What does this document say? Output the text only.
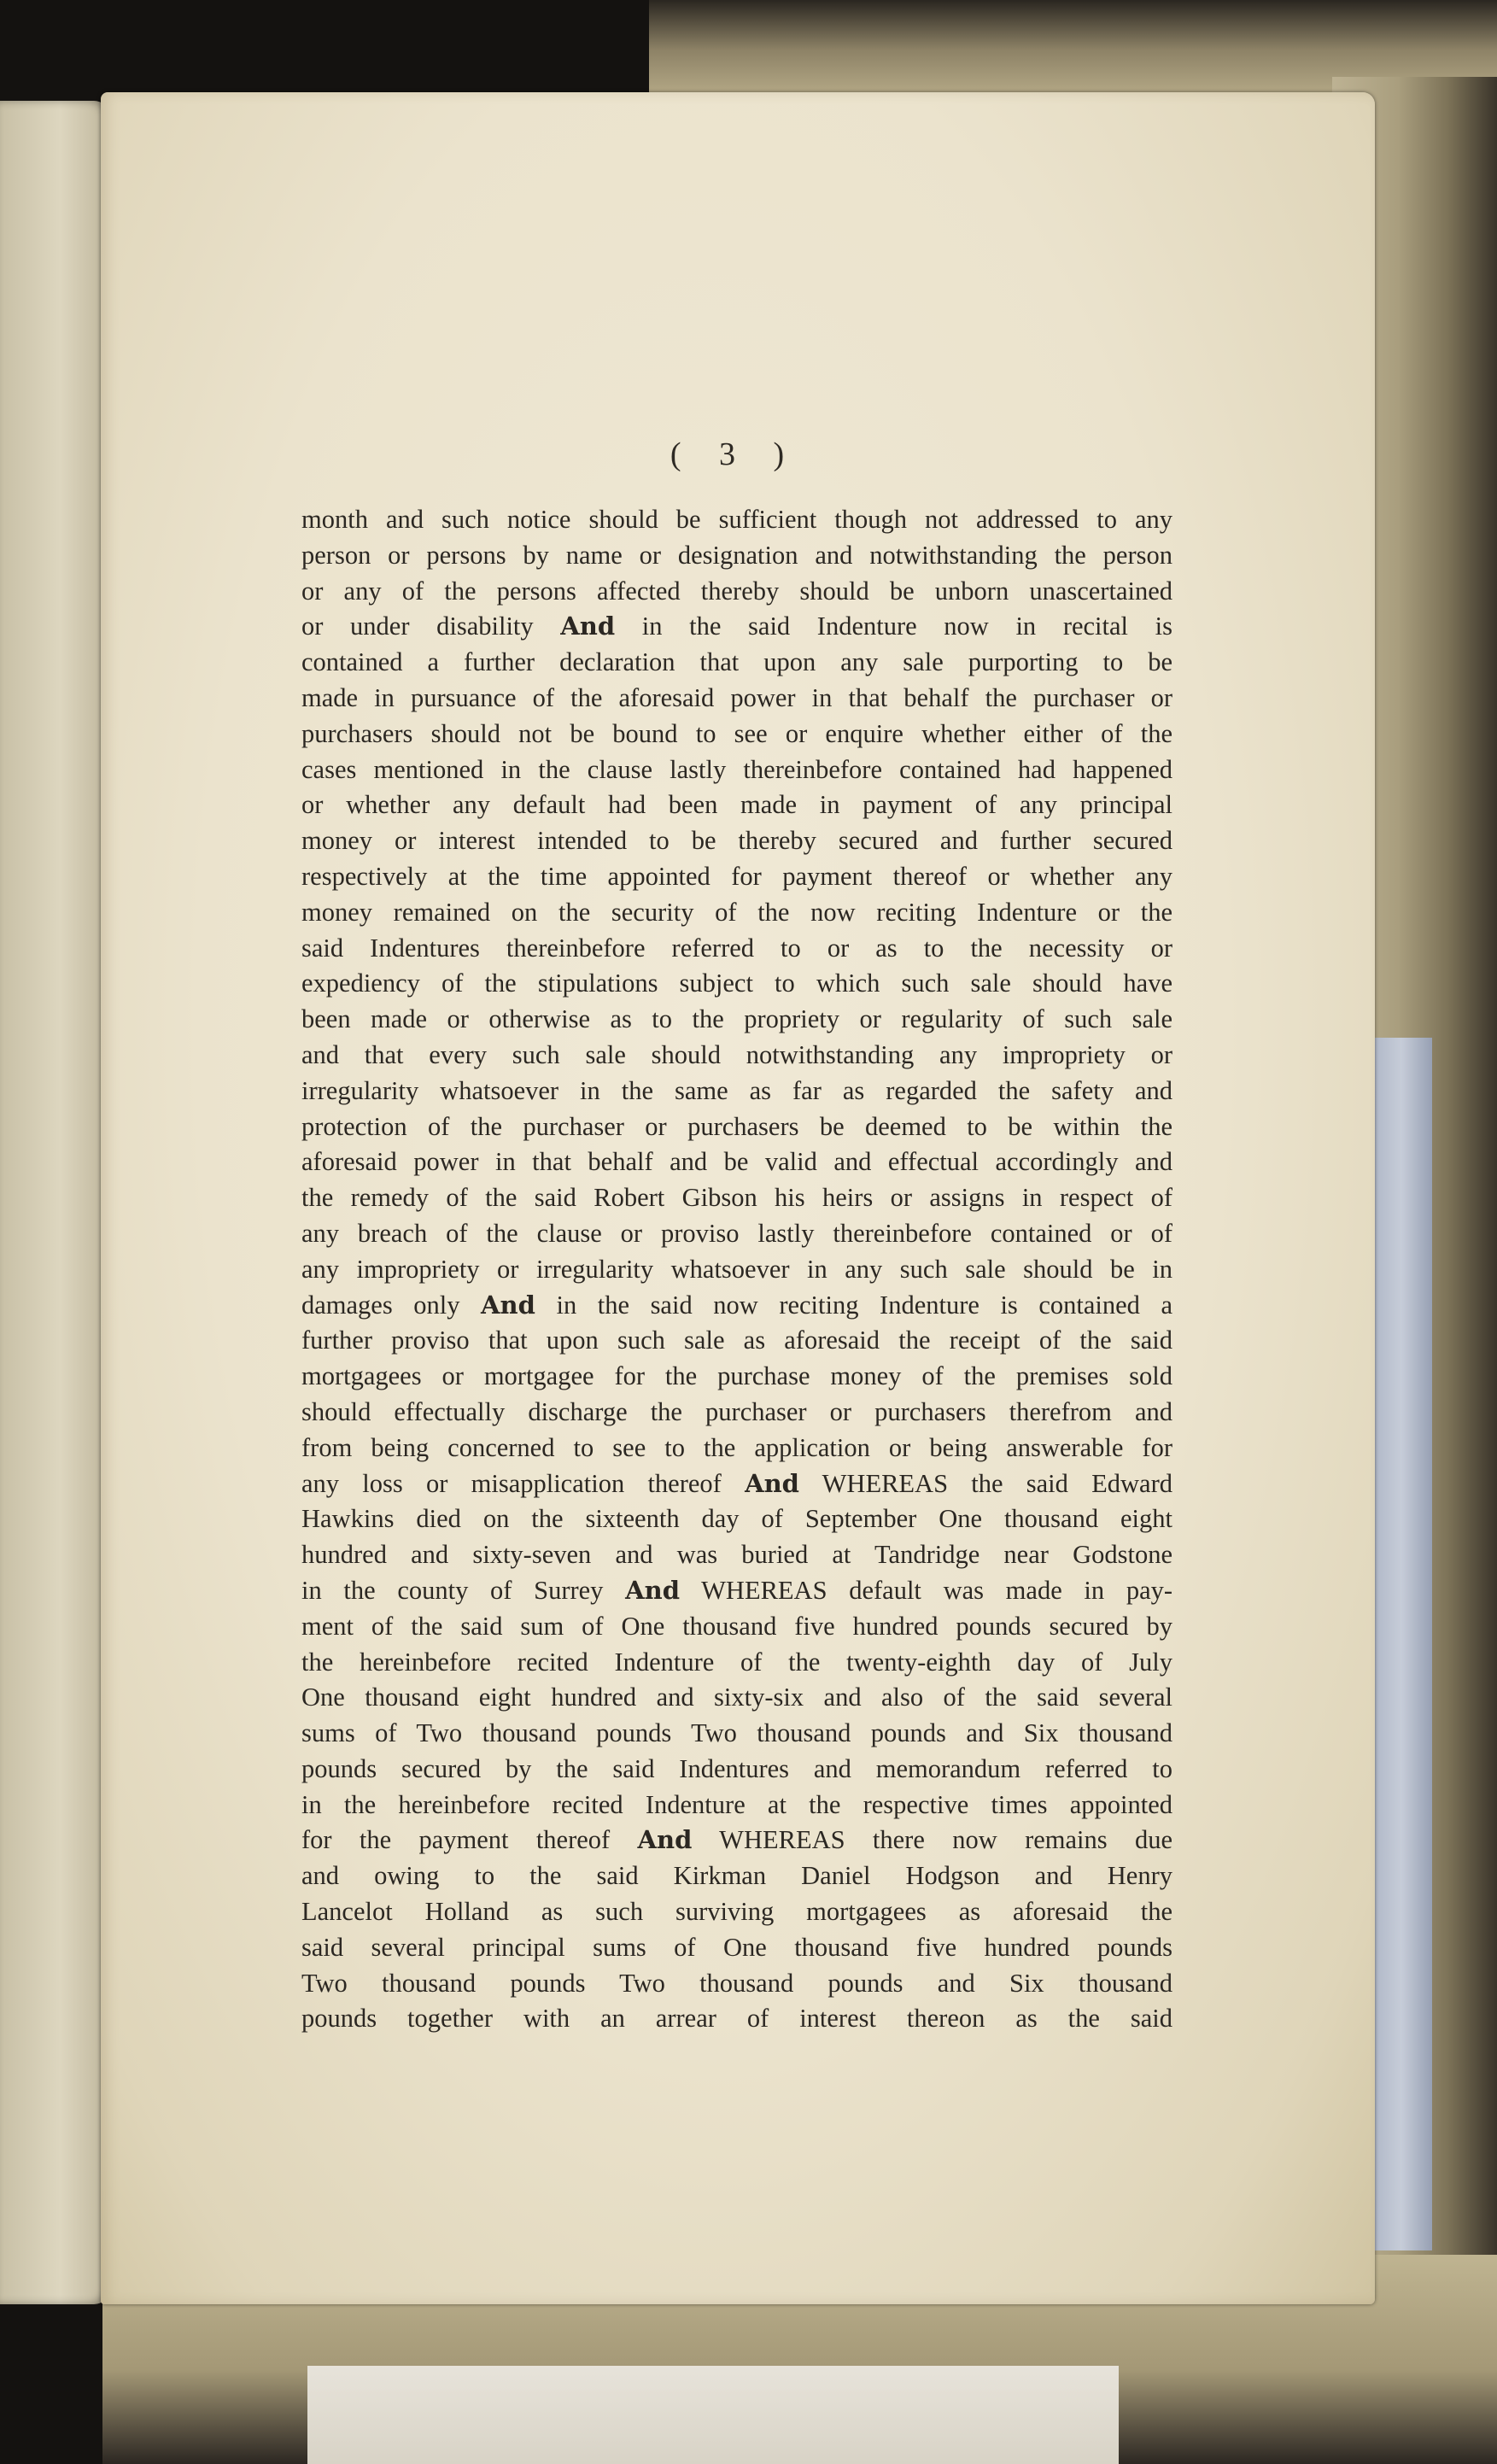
(   3   )
month and such notice should be sufficient though not addressed to any
person or persons by name or designation and notwithstanding the person
or any of the persons affected thereby should be unborn unascertained
or under disability And in the said Indenture now in recital is
contained a further declaration that upon any sale purporting to be
made in pursuance of the aforesaid power in that behalf the purchaser or
purchasers should not be bound to see or enquire whether either of the
cases mentioned in the clause lastly thereinbefore contained had happened
or whether any default had been made in payment of any principal
money or interest intended to be thereby secured and further secured
respectively at the time appointed for payment thereof or whether any
money remained on the security of the now reciting Indenture or the
said Indentures thereinbefore referred to or as to the necessity or
expediency of the stipulations subject to which such sale should have
been made or otherwise as to the propriety or regularity of such sale
and that every such sale should notwithstanding any impropriety or
irregularity whatsoever in the same as far as regarded the safety and
protection of the purchaser or purchasers be deemed to be within the
aforesaid power in that behalf and be valid and effectual accordingly and
the remedy of the said Robert Gibson his heirs or assigns in respect of
any breach of the clause or proviso lastly thereinbefore contained or of
any impropriety or irregularity whatsoever in any such sale should be in
damages only And in the said now reciting Indenture is contained a
further proviso that upon such sale as aforesaid the receipt of the said
mortgagees or mortgagee for the purchase money of the premises sold
should effectually discharge the purchaser or purchasers therefrom and
from being concerned to see to the application or being answerable for
any loss or misapplication thereof And WHEREAS the said Edward
Hawkins died on the sixteenth day of September One thousand eight
hundred and sixty-seven and was buried at Tandridge near Godstone
in the county of Surrey And WHEREAS default was made in pay-
ment of the said sum of One thousand five hundred pounds secured by
the hereinbefore recited Indenture of the twenty-eighth day of July
One thousand eight hundred and sixty-six and also of the said several
sums of Two thousand pounds Two thousand pounds and Six thousand
pounds secured by the said Indentures and memorandum referred to
in the hereinbefore recited Indenture at the respective times appointed
for the payment thereof And WHEREAS there now remains due
and owing to the said Kirkman Daniel Hodgson and Henry
Lancelot Holland as such surviving mortgagees as aforesaid the
said several principal sums of One thousand five hundred pounds
Two thousand pounds Two thousand pounds and Six thousand
pounds together with an arrear of interest thereon as the said
